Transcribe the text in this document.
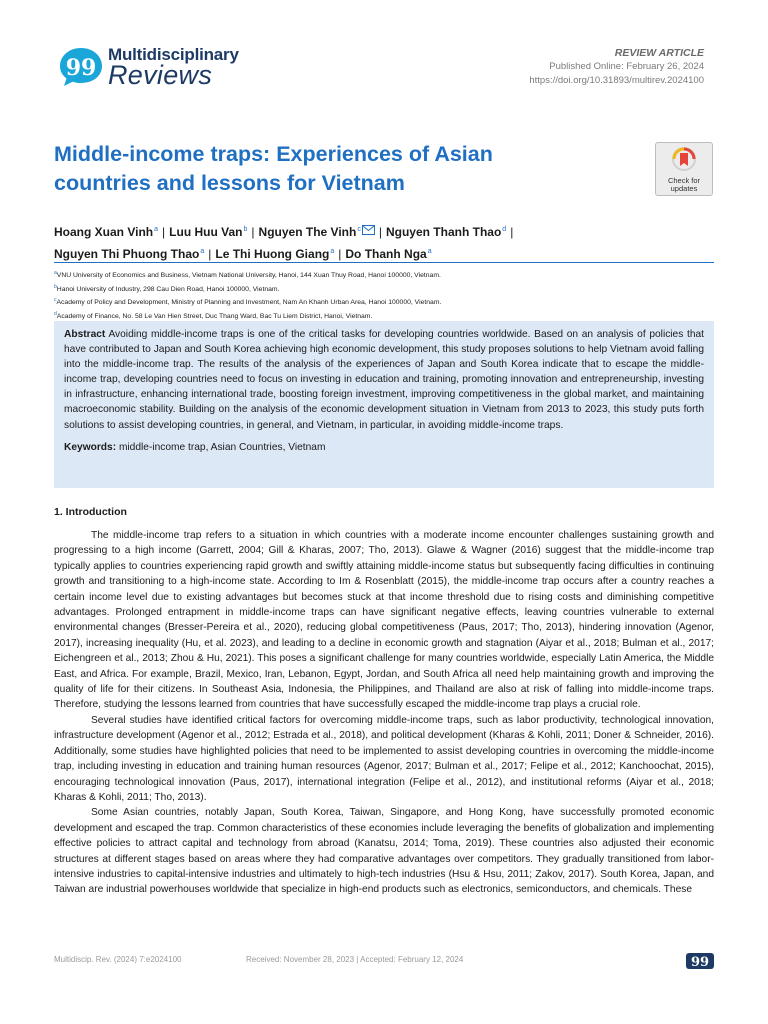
99
Multidisciplinary
Reviews
REVIEW ARTICLE
Published Online: February 26, 2024
https://doi.org/10.31893/multirev.2024100
Middle-income traps: Experiences of Asian countries and lessons for Vietnam	Check for
updates
Hoang Xuan Vinh$^a$ | Luu Huu Van$^b$ | Nguyen The Vinh$^c$ | Nguyen Thanh Thao$^d$ |
Nguyen Thi Phuong Thao$^a$ | Le Thi Huong Giang$^a$ | Do Thanh Nga$^a$
$^a$VNU University of Economics and Business, Vietnam National University, Hanoi, 144 Xuan Thuy Road, Hanoi 100000, Vietnam.
$^b$Hanoi University of Industry, 298 Cau Dien Road, Hanoi 100000, Vietnam.
$^c$Academy of Policy and Development, Ministry of Planning and Investment, Nam An Khanh Urban Area, Hanoi 100000, Vietnam.
$^d$Academy of Finance, No. 58 Le Van Hien Street, Duc Thang Ward, Bac Tu Liem District, Hanoi, Vietnam.
Abstract Avoiding middle-income traps is one of the critical tasks for developing countries worldwide. Based on an analysis of policies that have contributed to Japan and South Korea achieving high economic development, this study proposes solutions to help Vietnam avoid falling into the middle-income trap. The results of the analysis of the experiences of Japan and South Korea indicate that to escape the middle-income trap, developing countries need to focus on investing in education and training, promoting innovation and entrepreneurship, investing in infrastructure, enhancing international trade, boosting foreign investment, improving competitiveness in the global market, and maintaining macroeconomic stability. Building on the analysis of the economic development situation in Vietnam from 2013 to 2023, this study puts forth solutions to assist developing countries, in general, and Vietnam, in particular, in avoiding middle-income traps.
Keywords: middle-income trap, Asian Countries, Vietnam
1. Introduction

The middle-income trap refers to a situation in which countries with a moderate income encounter challenges sustaining growth and progressing to a high income (Garrett, 2004; Gill & Kharas, 2007; Tho, 2013). Glawe & Wagner (2016) suggest that the middle-income trap typically applies to countries experiencing rapid growth and swiftly attaining middle-income status but subsequently facing difficulties in continuing growth and transitioning to a high-income state. According to Im & Rosenblatt (2015), the middle-income trap occurs after a country reaches a certain income level due to existing advantages but becomes stuck at that income threshold due to rising costs and diminishing competitive advantages. Prolonged entrapment in middle-income traps can have significant negative effects, leaving countries vulnerable to external environmental changes (Bresser-Pereira et al., 2020), reducing global competitiveness (Paus, 2017; Tho, 2013), hindering innovation (Agenor, 2017), increasing inequality (Hu, et al. 2023), and leading to a decline in economic growth and stagnation (Aiyar et al., 2018; Bulman et al., 2017; Eichengreen et al., 2013; Zhou & Hu, 2021). This poses a significant challenge for many countries worldwide, especially Latin America, the Middle East, and Africa. For example, Brazil, Mexico, Iran, Lebanon, Egypt, Jordan, and South Africa all need help maintaining growth and improving the quality of life for their citizens. In Southeast Asia, Indonesia, the Philippines, and Thailand are also at risk of falling into middle-income traps. Therefore, studying the lessons learned from countries that have successfully escaped the middle-income trap plays a crucial role.

Several studies have identified critical factors for overcoming middle-income traps, such as labor productivity, technological innovation, infrastructure development (Agenor et al., 2012; Estrada et al., 2018), and political development (Kharas & Kohli, 2011; Doner & Schneider, 2016). Additionally, some studies have highlighted policies that need to be implemented to assist developing countries in overcoming the middle-income trap, including investing in education and training human resources (Agenor, 2017; Bulman et al., 2017; Felipe et al., 2012; Kanchoochat, 2015), encouraging technological innovation (Paus, 2017), international integration (Felipe et al., 2012), and institutional reforms (Aiyar et al., 2018; Kharas & Kohli, 2011; Tho, 2013).

Some Asian countries, notably Japan, South Korea, Taiwan, Singapore, and Hong Kong, have successfully promoted economic development and escaped the trap. Common characteristics of these economies include leveraging the benefits of globalization and implementing effective policies to attract capital and technology from abroad (Kanatsu, 2014; Toma, 2019). These countries also adjusted their economic structures at different stages based on areas where they had comparative advantages over competitors. They gradually transitioned from labor-intensive industries to capital-intensive industries and ultimately to high-tech industries (Hsu & Hsu, 2011; Zakov, 2017). South Korea, Japan, and Taiwan are industrial powerhouses worldwide that specialize in high-end products such as electronics, semiconductors, and chemicals. These

Multidiscip. Rev. (2024) 7:e2024100	Received: November 28, 2023 | Accepted: February 12, 2024	99
